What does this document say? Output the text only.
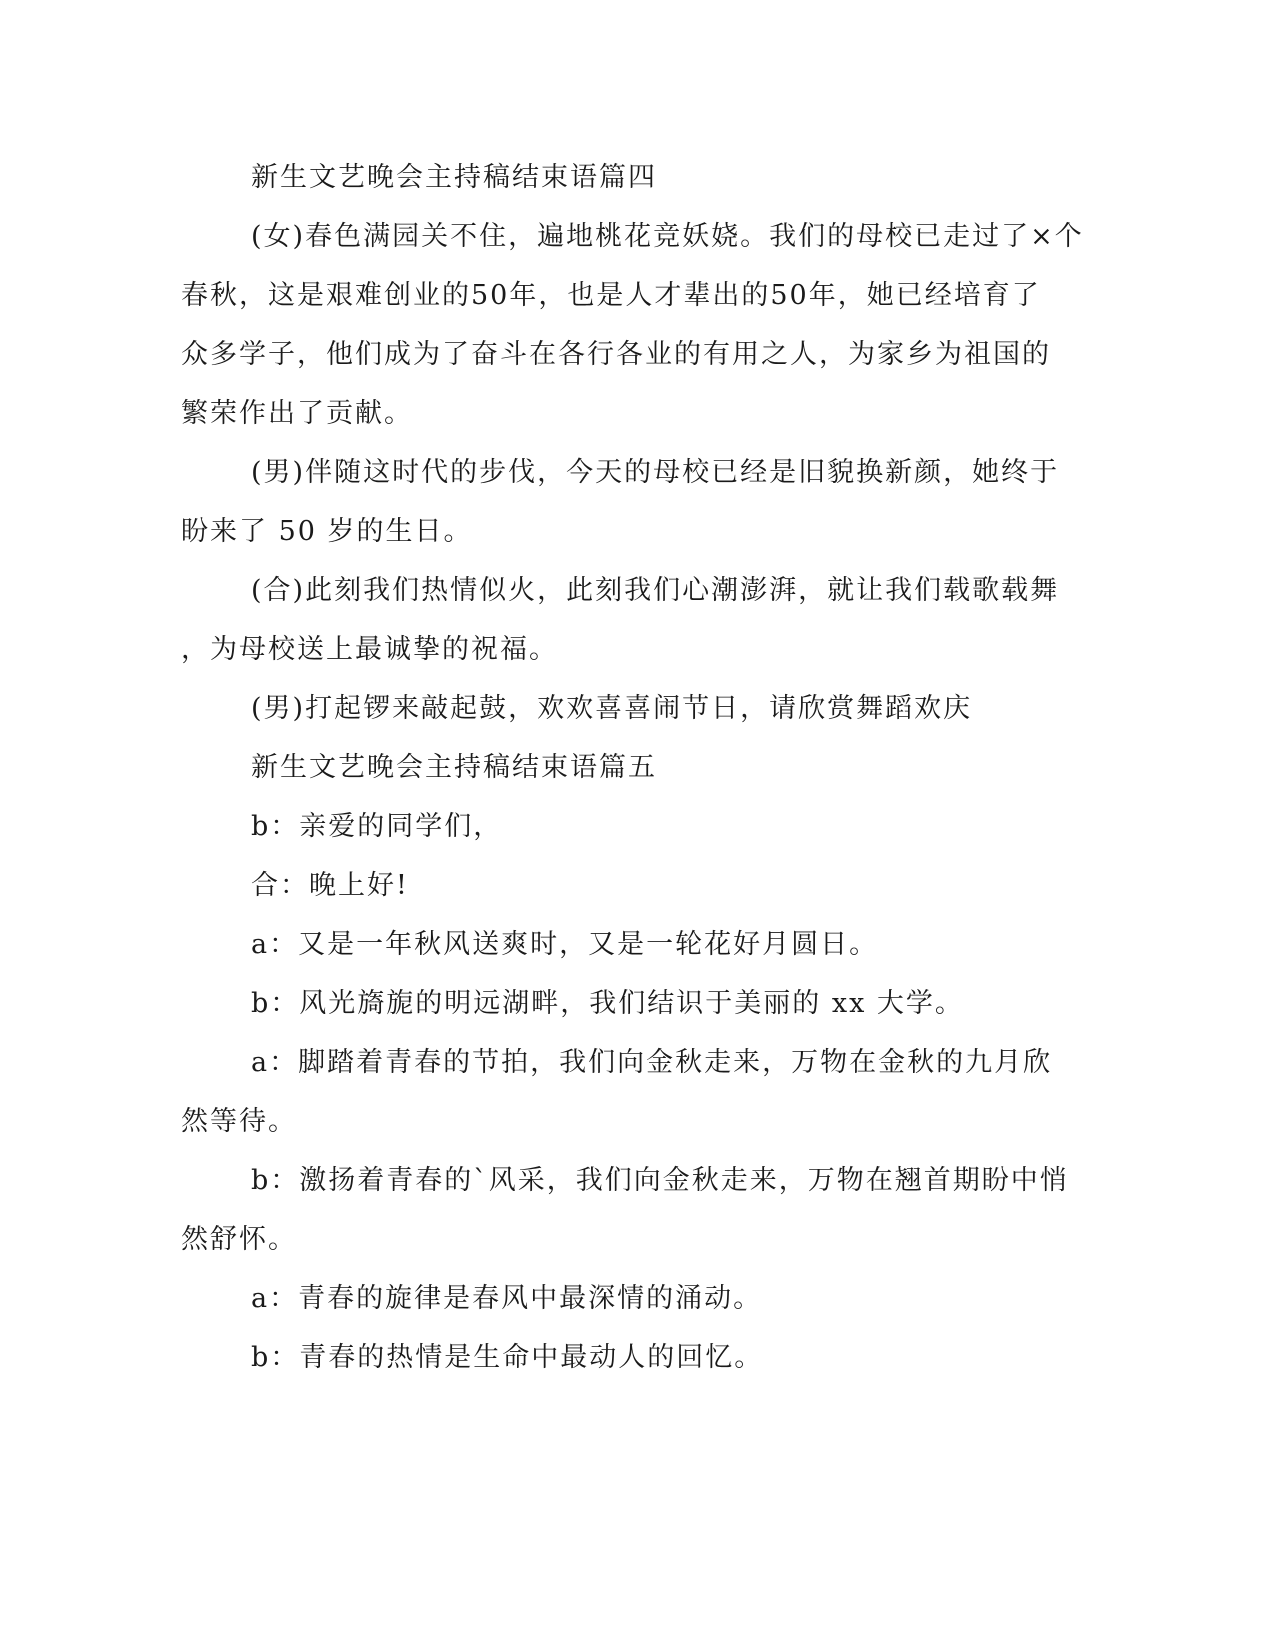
新生文艺晚会主持稿结束语篇四
(女)春色满园关不住，遍地桃花竞妖娆。我们的母校已走过了×个
春秋，这是艰难创业的50年，也是人才辈出的50年，她已经培育了
众多学子，他们成为了奋斗在各行各业的有用之人，为家乡为祖国的
繁荣作出了贡献。
(男)伴随这时代的步伐，今天的母校已经是旧貌换新颜，她终于
盼来了 50 岁的生日。
(合)此刻我们热情似火，此刻我们心潮澎湃，就让我们载歌载舞
，为母校送上最诚挚的祝福。
(男)打起锣来敲起鼓，欢欢喜喜闹节日，请欣赏舞蹈欢庆
新生文艺晚会主持稿结束语篇五
b：亲爱的同学们，
合：晚上好!
a：又是一年秋风送爽时，又是一轮花好月圆日。
b：风光旖旎的明远湖畔，我们结识于美丽的 xx 大学。
a：脚踏着青春的节拍，我们向金秋走来，万物在金秋的九月欣
然等待。
b：激扬着青春的`风采，我们向金秋走来，万物在翘首期盼中悄
然舒怀。
a：青春的旋律是春风中最深情的涌动。
b：青春的热情是生命中最动人的回忆。
